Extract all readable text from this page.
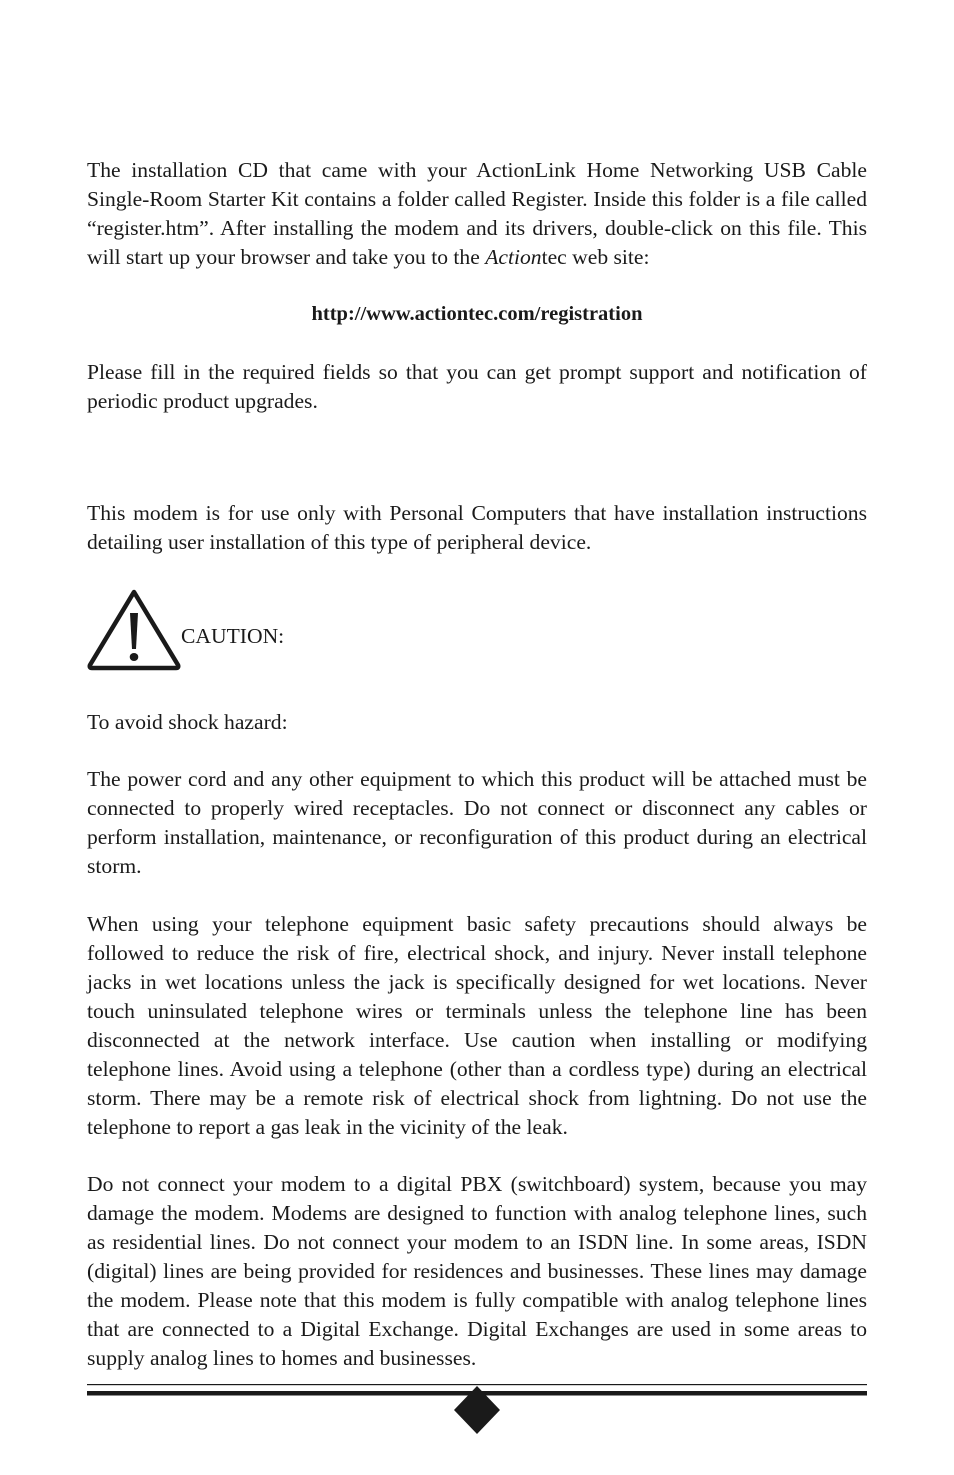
The installation CD that came with your ActionLink Home Networking USB Cable Single-Room Starter Kit contains a folder called Register. Inside this folder is a file called “register.htm”. After installing the modem and its drivers, double-click on this file. This will start up your browser and take you to the Actiontec web site:

http://www.actiontec.com/registration

Please fill in the required fields so that you can get prompt support and notification of periodic product upgrades.

This modem is for use only with Personal Computers that have installation instructions detailing user installation of this type of peripheral device.

CAUTION:

To avoid shock hazard:

The power cord and any other equipment to which this product will be attached must be connected to properly wired receptacles. Do not connect or disconnect any cables or perform installation, maintenance, or reconfiguration of this product during an electrical storm.

When using your telephone equipment basic safety precautions should always be followed to reduce the risk of fire, electrical shock, and injury. Never install telephone jacks in wet locations unless the jack is specifically designed for wet locations. Never touch uninsulated telephone wires or terminals unless the telephone line has been disconnected at the network interface. Use caution when installing or modifying telephone lines. Avoid using a telephone (other than a cordless type) during an electrical storm. There may be a remote risk of electrical shock from lightning. Do not use the telephone to report a gas leak in the vicinity of the leak.

Do not connect your modem to a digital PBX (switchboard) system, because you may damage the modem. Modems are designed to function with analog telephone lines, such as residential lines. Do not connect your modem to an ISDN line. In some areas, ISDN (digital) lines are being provided for residences and businesses. These lines may damage the modem. Please note that this modem is fully compatible with analog telephone lines that are connected to a Digital Exchange. Digital Exchanges are used in some areas to supply analog lines to homes and businesses.
